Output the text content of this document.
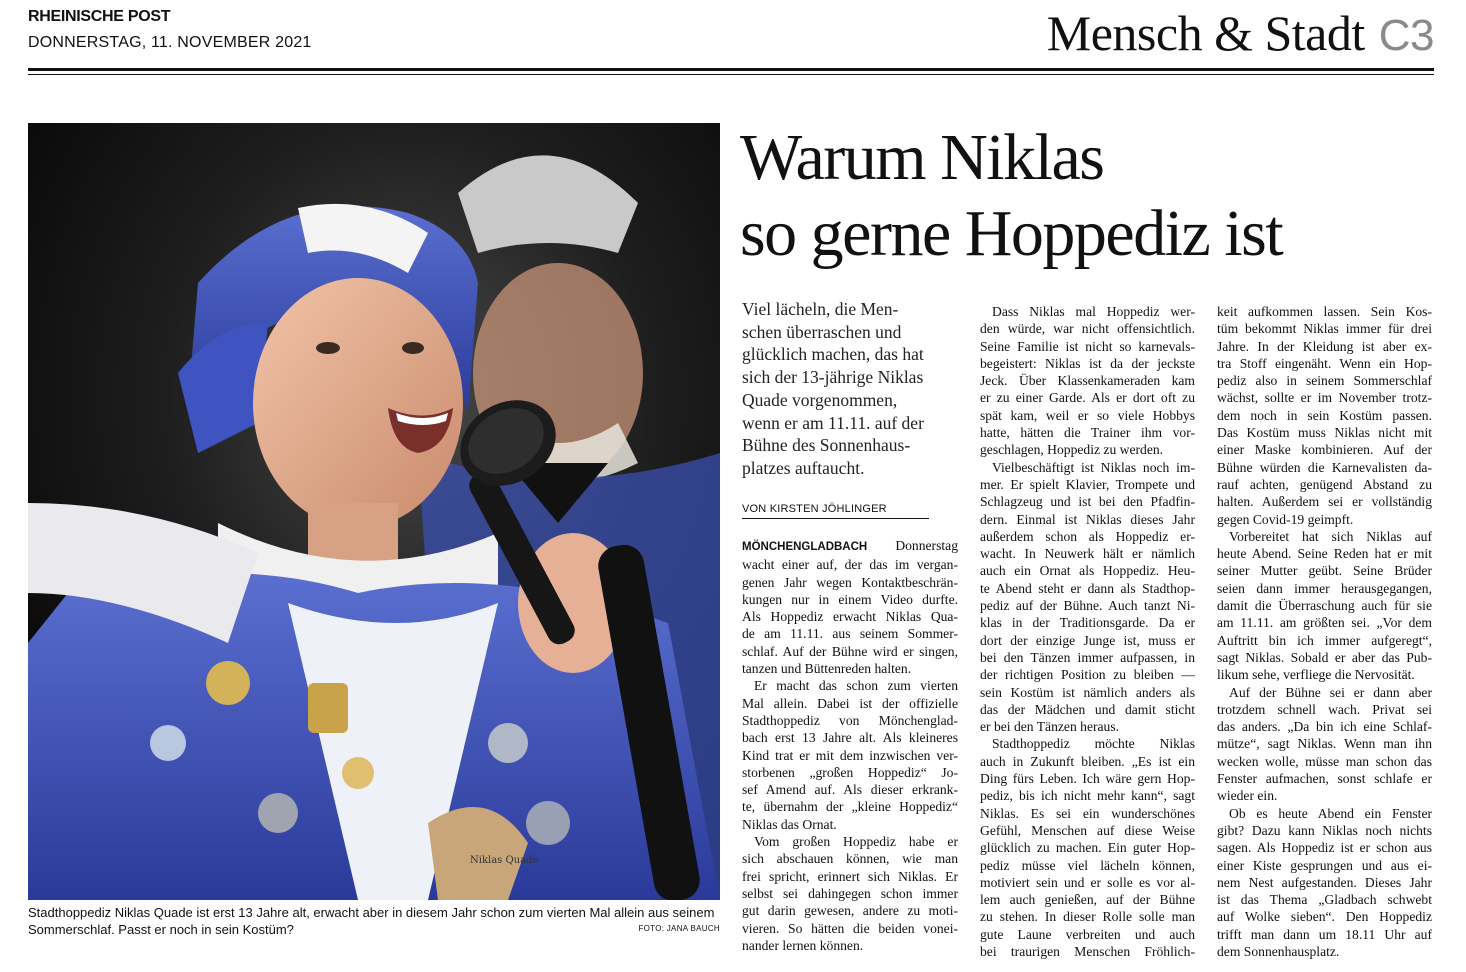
RHEINISCHE POST
DONNERSTAG, 11. NOVEMBER 2021	Mensch & Stadt C3
Niklas Quade
Stadthoppediz Niklas Quade ist erst 13 Jahre alt, erwacht aber in diesem Jahr schon zum vierten Mal allein aus seinem
Sommerschlaf. Passt er noch in sein Kostüm?	FOTO: JANA BAUCH
Warum Niklas
so gerne Hoppediz ist

Viel lächeln, die Men-

schen überraschen und

glücklich machen, das hat

sich der 13-jährige Niklas

Quade vorgenommen,

wenn er am 11.11. auf der

Bühne des Sonnenhaus-

platzes auftaucht.

VON KIRSTEN JÖHLINGER

MÖNCHENGLADBACH Donnerstag

wacht einer auf, der das im vergan-

genen Jahr wegen Kontaktbeschrän-

kungen nur in einem Video durfte.

Als Hoppediz erwacht Niklas Qua-

de am 11.11. aus seinem Sommer-

schlaf. Auf der Bühne wird er singen,

tanzen und Büttenreden halten.

Er macht das schon zum vierten

Mal allein. Dabei ist der offizielle

Stadthoppediz von Mönchenglad-

bach erst 13 Jahre alt. Als kleineres

Kind trat er mit dem inzwischen ver-

storbenen „großen Hoppediz“ Jo-

sef Amend auf. Als dieser erkrank-

te, übernahm der „kleine Hoppediz“

Niklas das Ornat.

Vom großen Hoppediz habe er

sich abschauen können, wie man

frei spricht, erinnert sich Niklas. Er

selbst sei dahingegen schon immer

gut darin gewesen, andere zu moti-

vieren. So hätten die beiden vonei-

nander lernen können.

Dass Niklas mal Hoppediz wer-

den würde, war nicht offensichtlich.

Seine Familie ist nicht so karnevals-

begeistert: Niklas ist da der jeckste

Jeck. Über Klassenkameraden kam

er zu einer Garde. Als er dort oft zu

spät kam, weil er so viele Hobbys

hatte, hätten die Trainer ihm vor-

geschlagen, Hoppediz zu werden.

Vielbeschäftigt ist Niklas noch im-

mer. Er spielt Klavier, Trompete und

Schlagzeug und ist bei den Pfadfin-

dern. Einmal ist Niklas dieses Jahr

außerdem schon als Hoppediz er-

wacht. In Neuwerk hält er nämlich

auch ein Ornat als Hoppediz. Heu-

te Abend steht er dann als Stadthop-

pediz auf der Bühne. Auch tanzt Ni-

klas in der Traditionsgarde. Da er

dort der einzige Junge ist, muss er

bei den Tänzen immer aufpassen, in

der richtigen Position zu bleiben —

sein Kostüm ist nämlich anders als

das der Mädchen und damit sticht

er bei den Tänzen heraus.

Stadthoppediz möchte Niklas

auch in Zukunft bleiben. „Es ist ein

Ding fürs Leben. Ich wäre gern Hop-

pediz, bis ich nicht mehr kann“, sagt

Niklas. Es sei ein wunderschönes

Gefühl, Menschen auf diese Weise

glücklich zu machen. Ein guter Hop-

pediz müsse viel lächeln können,

motiviert sein und er solle es vor al-

lem auch genießen, auf der Bühne

zu stehen. In dieser Rolle solle man

gute Laune verbreiten und auch

bei traurigen Menschen Fröhlich-

keit aufkommen lassen. Sein Kos-

tüm bekommt Niklas immer für drei

Jahre. In der Kleidung ist aber ex-

tra Stoff eingenäht. Wenn ein Hop-

pediz also in seinem Sommerschlaf

wächst, sollte er im November trotz-

dem noch in sein Kostüm passen.

Das Kostüm muss Niklas nicht mit

einer Maske kombinieren. Auf der

Bühne würden die Karnevalisten da-

rauf achten, genügend Abstand zu

halten. Außerdem sei er vollständig

gegen Covid-19 geimpft.

Vorbereitet hat sich Niklas auf

heute Abend. Seine Reden hat er mit

seiner Mutter geübt. Seine Brüder

seien dann immer herausgegangen,

damit die Überraschung auch für sie

am 11.11. am größten sei. „Vor dem

Auftritt bin ich immer aufgeregt“,

sagt Niklas. Sobald er aber das Pub-

likum sehe, verfliege die Nervosität.

Auf der Bühne sei er dann aber

trotzdem schnell wach. Privat sei

das anders. „Da bin ich eine Schlaf-

mütze“, sagt Niklas. Wenn man ihn

wecken wolle, müsse man schon das

Fenster aufmachen, sonst schlafe er

wieder ein.

Ob es heute Abend ein Fenster

gibt? Dazu kann Niklas noch nichts

sagen. Als Hoppediz ist er schon aus

einer Kiste gesprungen und aus ei-

nem Nest aufgestanden. Dieses Jahr

ist das Thema „Gladbach schwebt

auf Wolke sieben“. Den Hoppediz

trifft man dann um 18.11 Uhr auf

dem Sonnenhausplatz.
